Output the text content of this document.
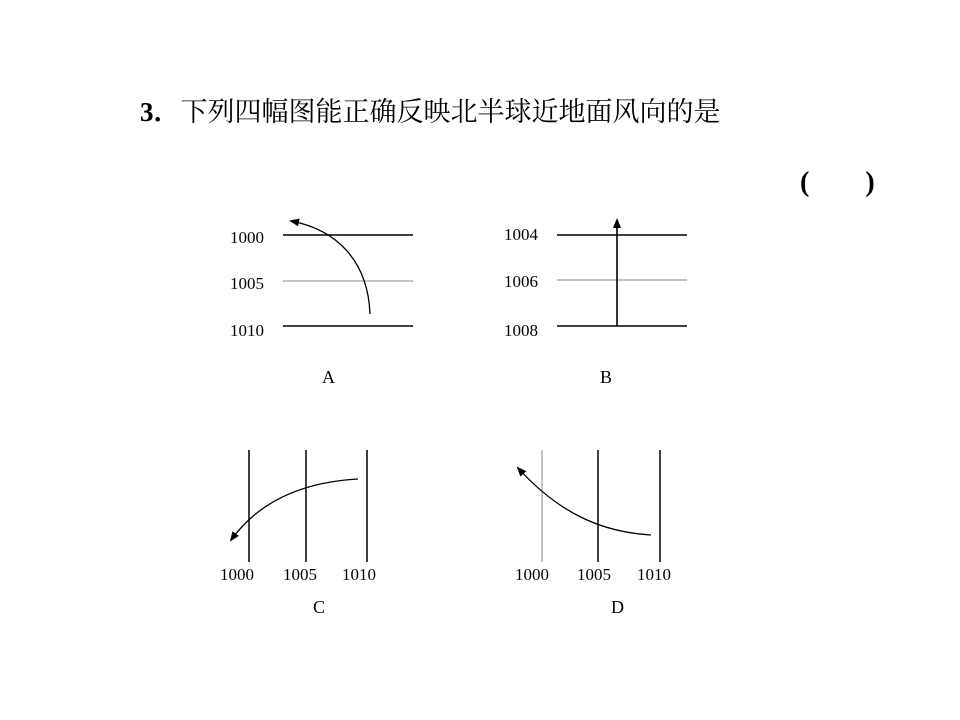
3．下列四幅图能正确反映北半球近地面风向的是
(　　)
1000
1005
1010
A
1004
1006
1008
B
1000 1005 1010
C
1000 1005 1010
D
